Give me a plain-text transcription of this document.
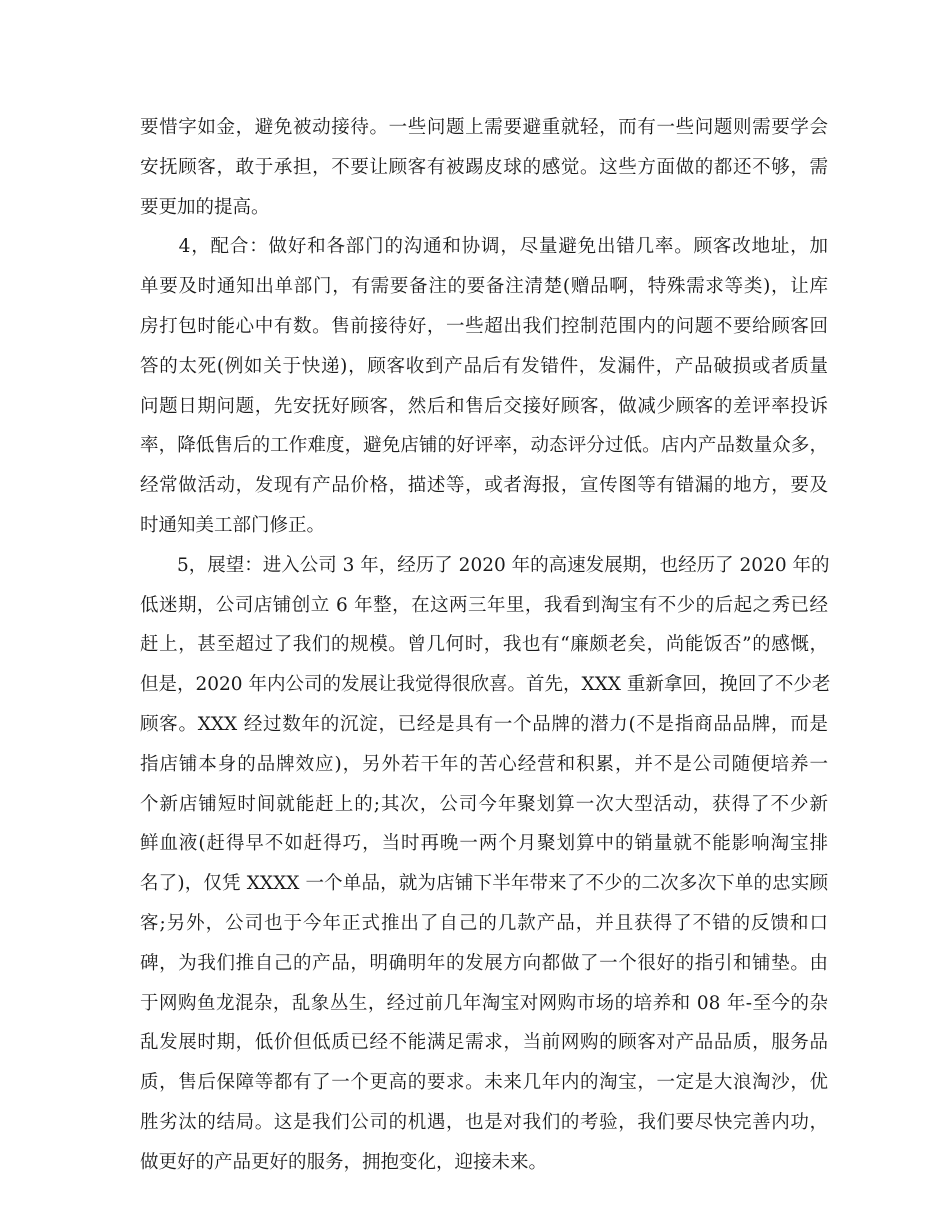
要惜字如金，避免被动接待。一些问题上需要避重就轻，而有一些问题则需要学会
安抚顾客，敢于承担，不要让顾客有被踢皮球的感觉。这些方面做的都还不够，需
要更加的提高。
　　4，配合：做好和各部门的沟通和协调，尽量避免出错几率。顾客改地址，加
单要及时通知出单部门，有需要备注的要备注清楚(赠品啊，特殊需求等类)，让库
房打包时能心中有数。售前接待好，一些超出我们控制范围内的问题不要给顾客回
答的太死(例如关于快递)，顾客收到产品后有发错件，发漏件，产品破损或者质量
问题日期问题，先安抚好顾客，然后和售后交接好顾客，做减少顾客的差评率投诉
率，降低售后的工作难度，避免店铺的好评率，动态评分过低。店内产品数量众多，
经常做活动，发现有产品价格，描述等，或者海报，宣传图等有错漏的地方，要及
时通知美工部门修正。
　　5，展望：进入公司 3 年，经历了 2020 年的高速发展期，也经历了 2020 年的
低迷期，公司店铺创立 6 年整，在这两三年里，我看到淘宝有不少的后起之秀已经
赶上，甚至超过了我们的规模。曾几何时，我也有“廉颇老矣，尚能饭否”的感慨，
但是，2020 年内公司的发展让我觉得很欣喜。首先，XXX 重新拿回，挽回了不少老
顾客。XXX 经过数年的沉淀，已经是具有一个品牌的潜力(不是指商品品牌，而是
指店铺本身的品牌效应)，另外若干年的苦心经营和积累，并不是公司随便培养一
个新店铺短时间就能赶上的;其次，公司今年聚划算一次大型活动，获得了不少新
鲜血液(赶得早不如赶得巧，当时再晚一两个月聚划算中的销量就不能影响淘宝排
名了)，仅凭 XXXX 一个单品，就为店铺下半年带来了不少的二次多次下单的忠实顾
客;另外，公司也于今年正式推出了自己的几款产品，并且获得了不错的反馈和口
碑，为我们推自己的产品，明确明年的发展方向都做了一个很好的指引和铺垫。由
于网购鱼龙混杂，乱象丛生，经过前几年淘宝对网购市场的培养和 08 年-至今的杂
乱发展时期，低价但低质已经不能满足需求，当前网购的顾客对产品品质，服务品
质，售后保障等都有了一个更高的要求。未来几年内的淘宝，一定是大浪淘沙，优
胜劣汰的结局。这是我们公司的机遇，也是对我们的考验，我们要尽快完善内功，
做更好的产品更好的服务，拥抱变化，迎接未来。
